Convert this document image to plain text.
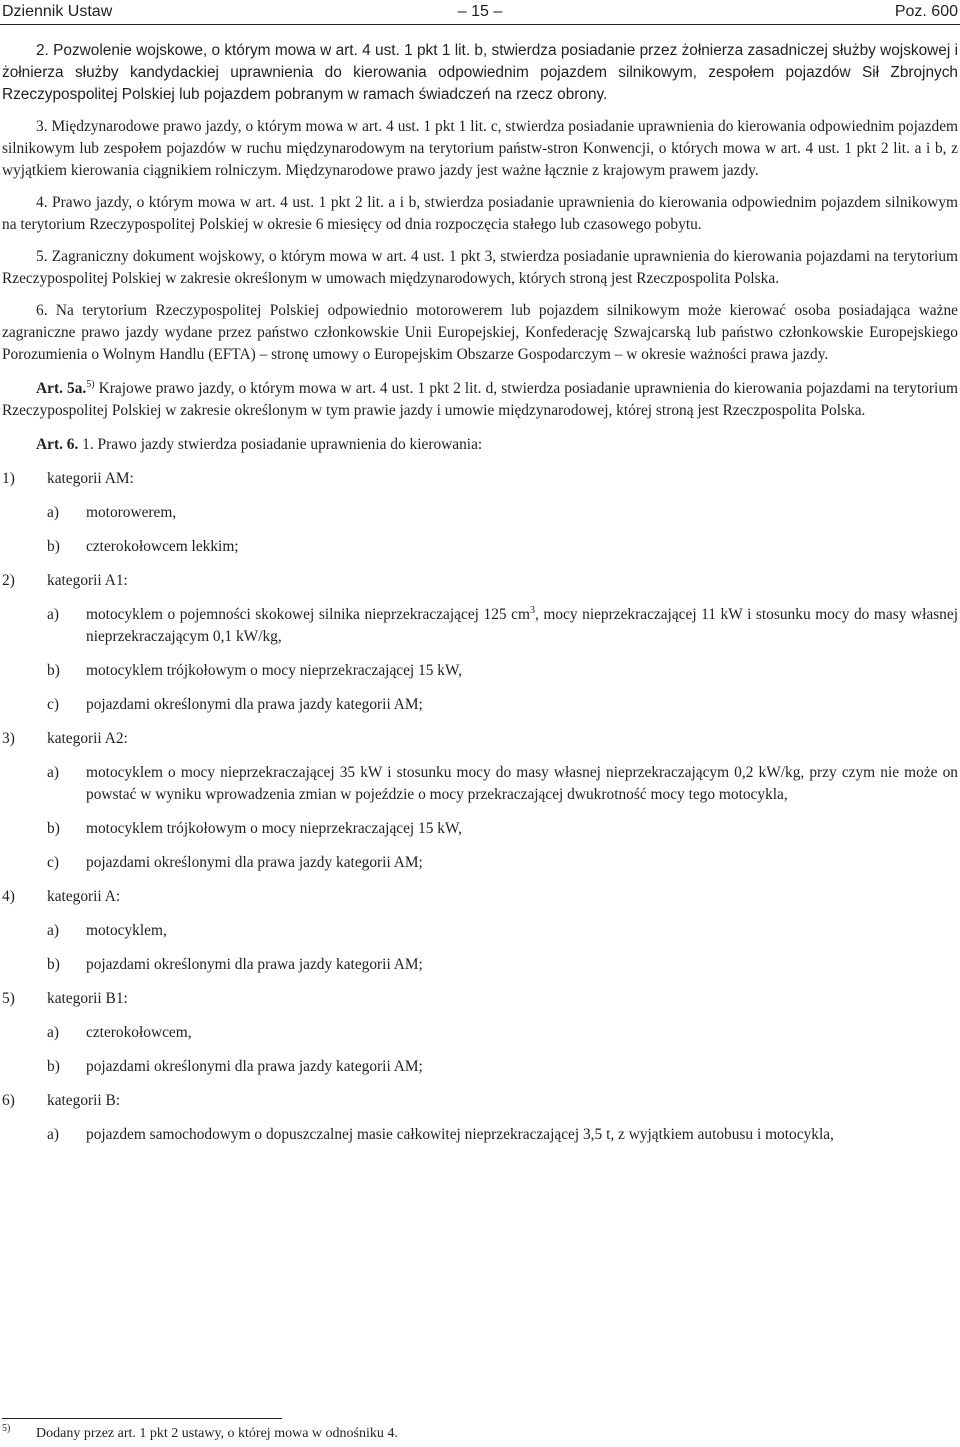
Dziennik Ustaw	– 15 –	Poz. 600

2. Pozwolenie wojskowe, o którym mowa w art. 4 ust. 1 pkt 1 lit. b, stwierdza posiadanie przez żołnierza zasadniczej służby wojskowej i żołnierza służby kandydackiej uprawnienia do kierowania odpowiednim pojazdem silnikowym, zespołem pojazdów Sił Zbrojnych Rzeczypospolitej Polskiej lub pojazdem pobranym w ramach świadczeń na rzecz obrony.

3. Międzynarodowe prawo jazdy, o którym mowa w art. 4 ust. 1 pkt 1 lit. c, stwierdza posiadanie uprawnienia do kierowania odpowiednim pojazdem silnikowym lub zespołem pojazdów w ruchu międzynarodowym na terytorium państw-stron Konwencji, o których mowa w art. 4 ust. 1 pkt 2 lit. a i b, z wyjątkiem kierowania ciągnikiem rolniczym. Międzynarodowe prawo jazdy jest ważne łącznie z krajowym prawem jazdy.

4. Prawo jazdy, o którym mowa w art. 4 ust. 1 pkt 2 lit. a i b, stwierdza posiadanie uprawnienia do kierowania odpowiednim pojazdem silnikowym na terytorium Rzeczypospolitej Polskiej w okresie 6 miesięcy od dnia rozpoczęcia stałego lub czasowego pobytu.

5. Zagraniczny dokument wojskowy, o którym mowa w art. 4 ust. 1 pkt 3, stwierdza posiadanie uprawnienia do kierowania pojazdami na terytorium Rzeczypospolitej Polskiej w zakresie określonym w umowach międzynarodowych, których stroną jest Rzeczpospolita Polska.

6. Na terytorium Rzeczypospolitej Polskiej odpowiednio motorowerem lub pojazdem silnikowym może kierować osoba posiadająca ważne zagraniczne prawo jazdy wydane przez państwo członkowskie Unii Europejskiej, Konfederację Szwajcarską lub państwo członkowskie Europejskiego Porozumienia o Wolnym Handlu (EFTA) – stronę umowy o Europejskim Obszarze Gospodarczym – w okresie ważności prawa jazdy.

Art. 5a.$^{5)}$ Krajowe prawo jazdy, o którym mowa w art. 4 ust. 1 pkt 2 lit. d, stwierdza posiadanie uprawnienia do kierowania pojazdami na terytorium Rzeczypospolitej Polskiej w zakresie określonym w tym prawie jazdy i umowie międzynarodowej, której stroną jest Rzeczpospolita Polska.

Art. 6. 1. Prawo jazdy stwierdza posiadanie uprawnienia do kierowania:

1) kategorii AM:

a) motorowerem,

b) czterokołowcem lekkim;

2) kategorii A1:

a) motocyklem o pojemności skokowej silnika nieprzekraczającej 125 $cm^3$, mocy nieprzekraczającej 11 kW i stosunku mocy do masy własnej nieprzekraczającym 0,1 kW/kg,

b) motocyklem trójkołowym o mocy nieprzekraczającej 15 kW,

c) pojazdami określonymi dla prawa jazdy kategorii AM;

3) kategorii A2:

a) motocyklem o mocy nieprzekraczającej 35 kW i stosunku mocy do masy własnej nieprzekraczającym 0,2 kW/kg, przy czym nie może on powstać w wyniku wprowadzenia zmian w pojeździe o mocy przekraczającej dwukrotność mocy tego motocykla,

b) motocyklem trójkołowym o mocy nieprzekraczającej 15 kW,

c) pojazdami określonymi dla prawa jazdy kategorii AM;

4) kategorii A:

a) motocyklem,

b) pojazdami określonymi dla prawa jazdy kategorii AM;

5) kategorii B1:

a) czterokołowcem,

b) pojazdami określonymi dla prawa jazdy kategorii AM;

6) kategorii B:

a) pojazdem samochodowym o dopuszczalnej masie całkowitej nieprzekraczającej 3,5 t, z wyjątkiem autobusu i motocykla,

$^{5)}$ Dodany przez art. 1 pkt 2 ustawy, o której mowa w odnośniku 4.
